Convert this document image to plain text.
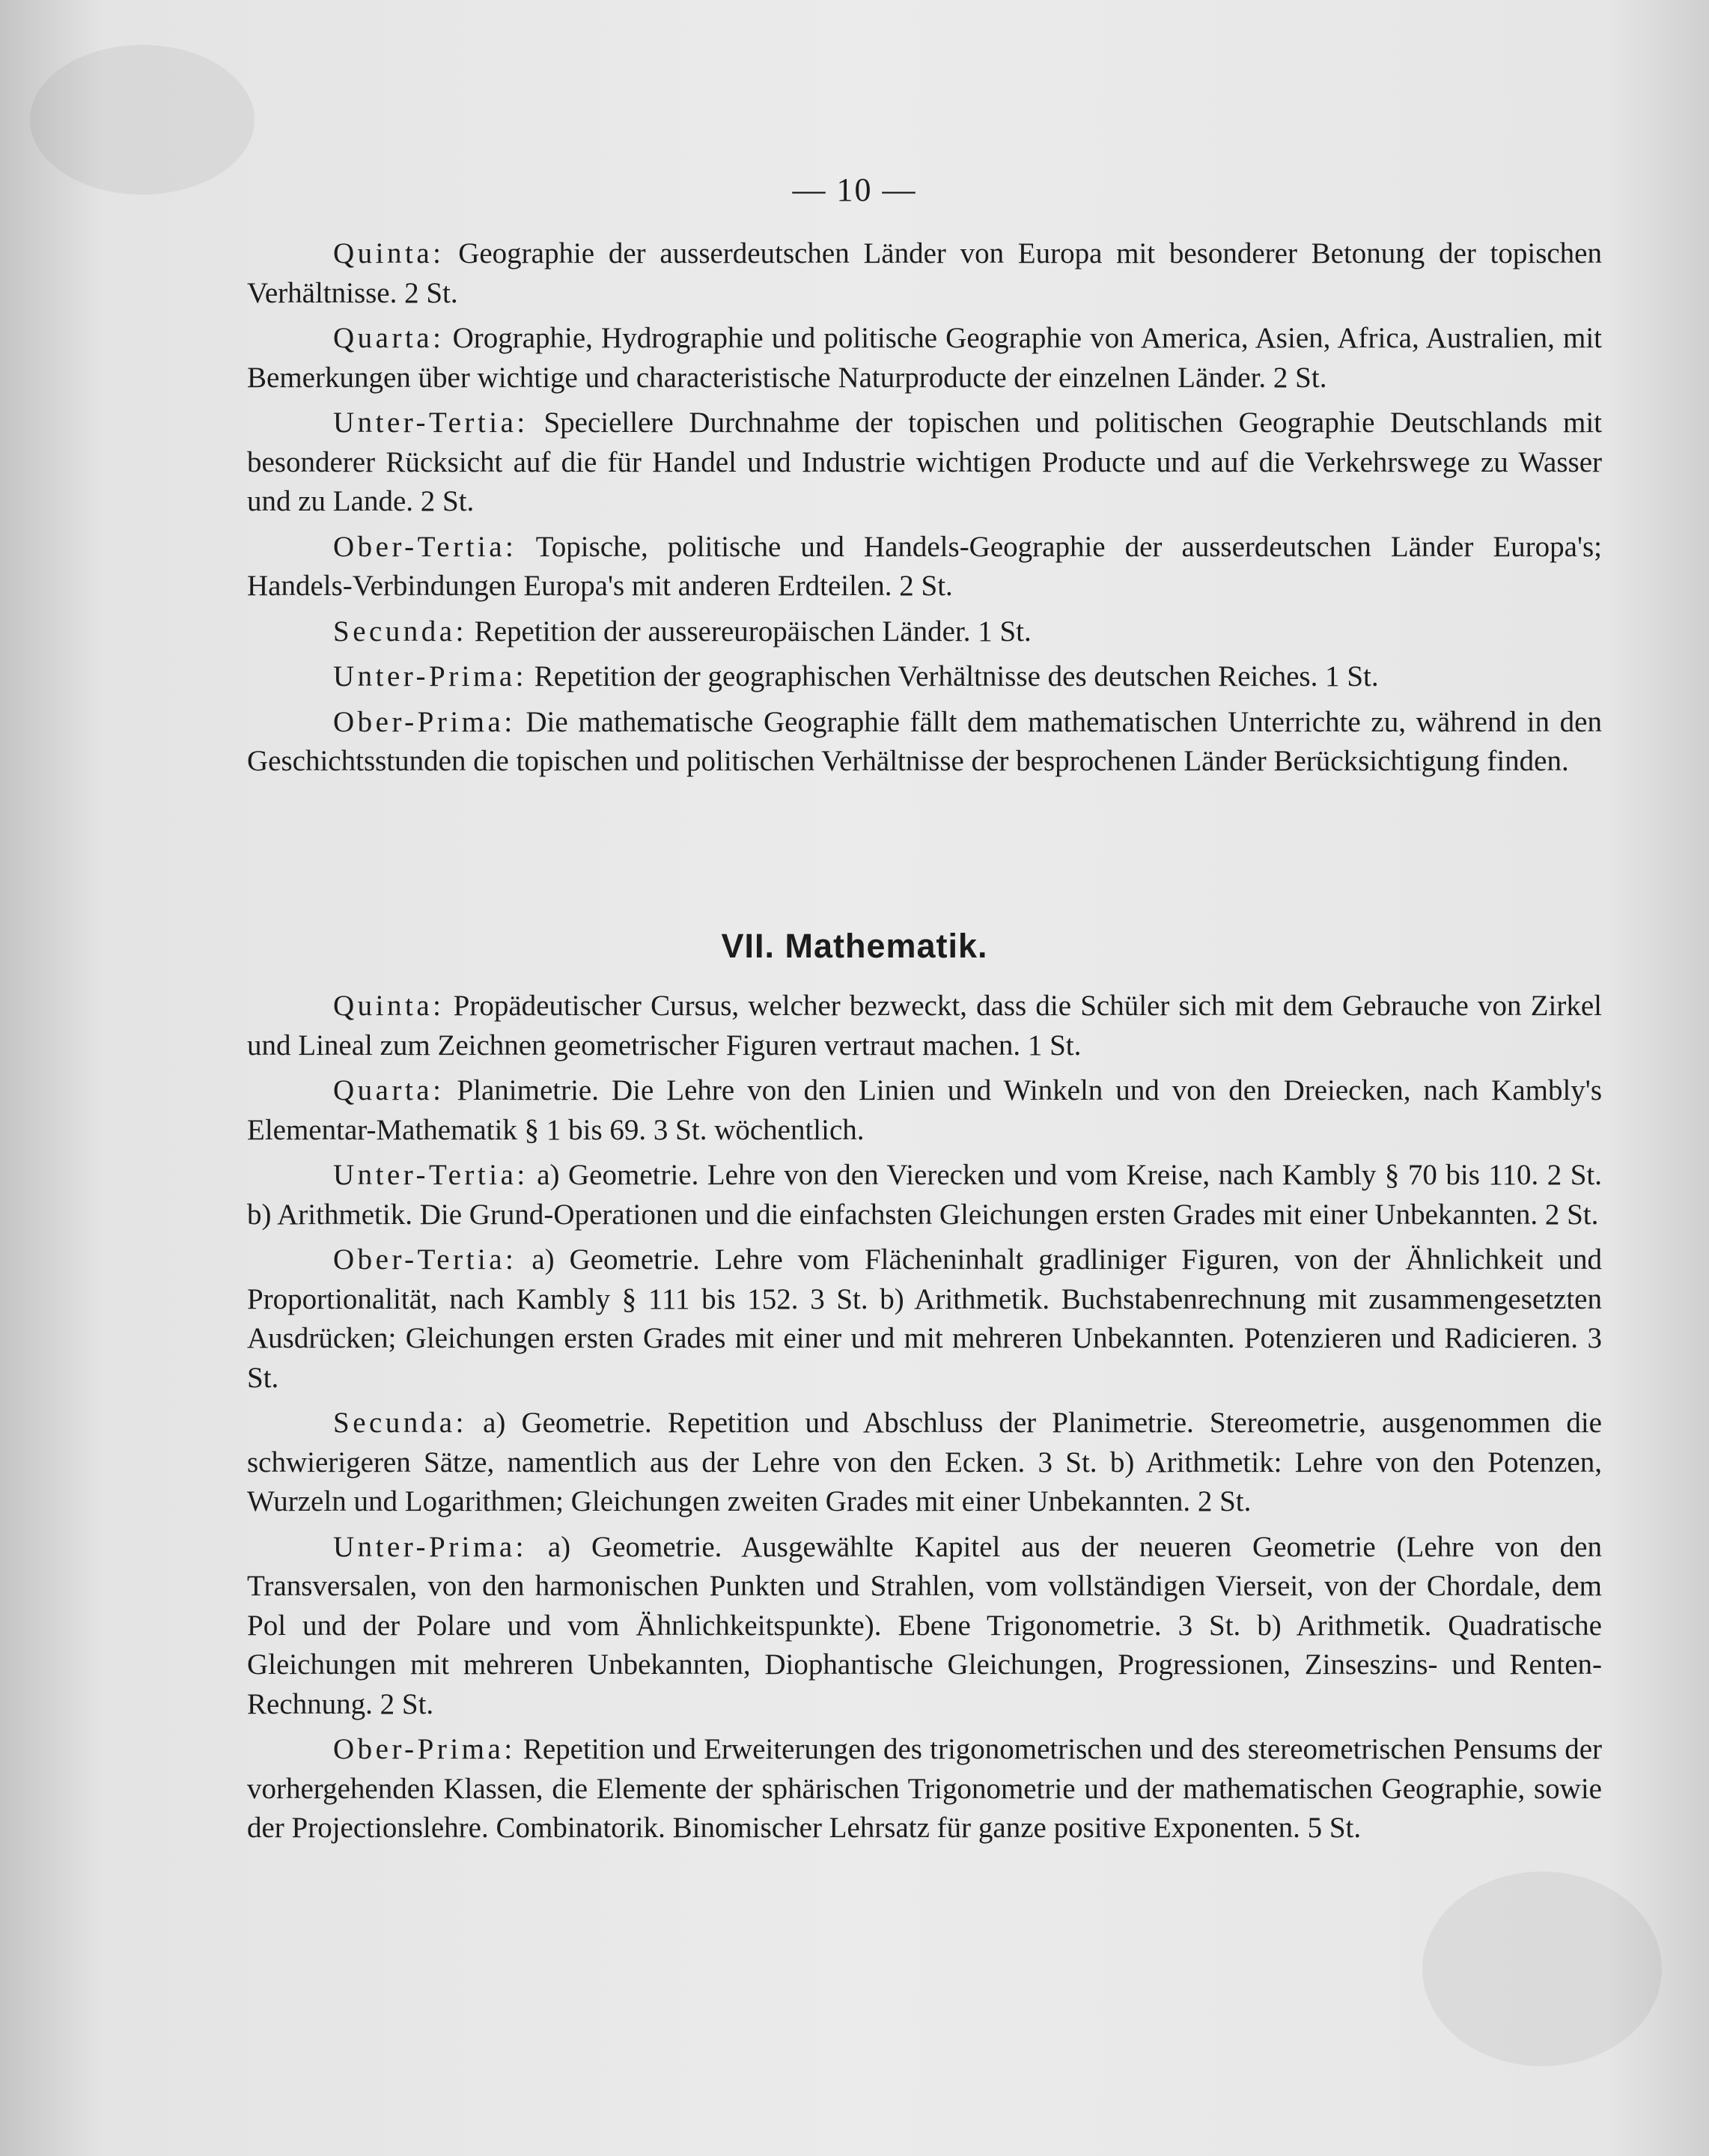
— 10 —

Quinta: Geographie der ausserdeutschen Länder von Europa mit besonderer Betonung der topischen Verhältnisse. 2 St.

Quarta: Orographie, Hydrographie und politische Geographie von America, Asien, Africa, Australien, mit Bemerkungen über wichtige und characteristische Naturproducte der einzelnen Länder. 2 St.

Unter-Tertia: Speciellere Durchnahme der topischen und politischen Geographie Deutschlands mit besonderer Rücksicht auf die für Handel und Industrie wichtigen Producte und auf die Verkehrswege zu Wasser und zu Lande. 2 St.

Ober-Tertia: Topische, politische und Handels-Geographie der ausserdeutschen Länder Europa's; Handels-Verbindungen Europa's mit anderen Erdteilen. 2 St.

Secunda: Repetition der aussereuropäischen Länder. 1 St.

Unter-Prima: Repetition der geographischen Verhältnisse des deutschen Reiches. 1 St.

Ober-Prima: Die mathematische Geographie fällt dem mathematischen Unterrichte zu, während in den Geschichtsstunden die topischen und politischen Verhältnisse der besprochenen Länder Berücksichtigung finden.

VII. Mathematik.

Quinta: Propädeutischer Cursus, welcher bezweckt, dass die Schüler sich mit dem Gebrauche von Zirkel und Lineal zum Zeichnen geometrischer Figuren vertraut machen. 1 St.

Quarta: Planimetrie. Die Lehre von den Linien und Winkeln und von den Dreiecken, nach Kambly's Elementar-Mathematik § 1 bis 69. 3 St. wöchentlich.

Unter-Tertia: a) Geometrie. Lehre von den Vierecken und vom Kreise, nach Kambly § 70 bis 110. 2 St. b) Arithmetik. Die Grund-Operationen und die einfachsten Gleichungen ersten Grades mit einer Unbekannten. 2 St.

Ober-Tertia: a) Geometrie. Lehre vom Flächeninhalt gradliniger Figuren, von der Ähnlichkeit und Proportionalität, nach Kambly § 111 bis 152. 3 St. b) Arithmetik. Buchstabenrechnung mit zusammengesetzten Ausdrücken; Gleichungen ersten Grades mit einer und mit mehreren Unbekannten. Potenzieren und Radicieren. 3 St.

Secunda: a) Geometrie. Repetition und Abschluss der Planimetrie. Stereometrie, ausgenommen die schwierigeren Sätze, namentlich aus der Lehre von den Ecken. 3 St. b) Arithmetik: Lehre von den Potenzen, Wurzeln und Logarithmen; Gleichungen zweiten Grades mit einer Unbekannten. 2 St.

Unter-Prima: a) Geometrie. Ausgewählte Kapitel aus der neueren Geometrie (Lehre von den Transversalen, von den harmonischen Punkten und Strahlen, vom vollständigen Vierseit, von der Chordale, dem Pol und der Polare und vom Ähnlichkeitspunkte). Ebene Trigonometrie. 3 St. b) Arithmetik. Quadratische Gleichungen mit mehreren Unbekannten, Diophantische Gleichungen, Progressionen, Zinseszins- und Renten-Rechnung. 2 St.

Ober-Prima: Repetition und Erweiterungen des trigonometrischen und des stereometrischen Pensums der vorhergehenden Klassen, die Elemente der sphärischen Trigonometrie und der mathematischen Geographie, sowie der Projectionslehre. Combinatorik. Binomischer Lehrsatz für ganze positive Exponenten. 5 St.
